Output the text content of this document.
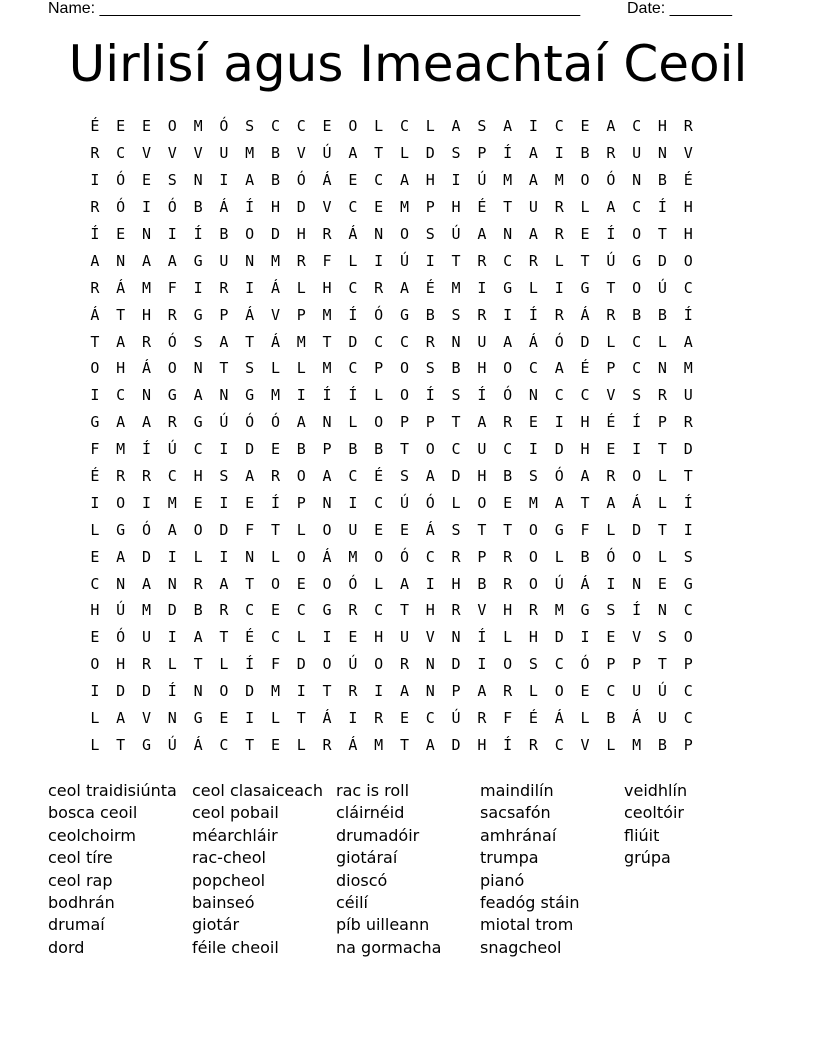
Name: ______________________________________________________	Date: _______
Uirlisí agus Imeachtaí Ceoil
É	E	E	O	M	Ó	S	C	C	E	O	L	C	L	A	S	A	I	C	E	A	C	H	R
R	C	V	V	V	U	M	B	V	Ú	A	T	L	D	S	P	Í	A	I	B	R	U	N	V
I	Ó	E	S	N	I	A	B	Ó	Á	E	C	A	H	I	Ú	M	A	M	O	Ó	N	B	É
R	Ó	I	Ó	B	Á	Í	H	D	V	C	E	M	P	H	É	T	U	R	L	A	C	Í	H
Í	E	N	I	Í	B	O	D	H	R	Á	N	O	S	Ú	A	N	A	R	E	Í	O	T	H
A	N	A	A	G	U	N	M	R	F	L	I	Ú	I	T	R	C	R	L	T	Ú	G	D	O
R	Á	M	F	I	R	I	Á	L	H	C	R	A	É	M	I	G	L	I	G	T	O	Ú	C
Á	T	H	R	G	P	Á	V	P	M	Í	Ó	G	B	S	R	I	Í	R	Á	R	B	B	Í
T	A	R	Ó	S	A	T	Á	M	T	D	C	C	R	N	U	A	Á	Ó	D	L	C	L	A
O	H	Á	O	N	T	S	L	L	M	C	P	O	S	B	H	O	C	A	É	P	C	N	M
I	C	N	G	A	N	G	M	I	Í	Í	L	O	Í	S	Í	Ó	N	C	C	V	S	R	U
G	A	A	R	G	Ú	Ó	Ó	A	N	L	O	P	P	T	A	R	E	I	H	É	Í	P	R
F	M	Í	Ú	C	I	D	E	B	P	B	B	T	O	C	U	C	I	D	H	E	I	T	D
É	R	R	C	H	S	A	R	O	A	C	É	S	A	D	H	B	S	Ó	A	R	O	L	T
I	O	I	M	E	I	E	Í	P	N	I	C	Ú	Ó	L	O	E	M	A	T	A	Á	L	Í
L	G	Ó	A	O	D	F	T	L	O	U	E	E	Á	S	T	T	O	G	F	L	D	T	I
E	A	D	I	L	I	N	L	O	Á	M	O	Ó	C	R	P	R	O	L	B	Ó	O	L	S
C	N	A	N	R	A	T	O	E	O	Ó	L	A	I	H	B	R	O	Ú	Á	I	N	E	G
H	Ú	M	D	B	R	C	E	C	G	R	C	T	H	R	V	H	R	M	G	S	Í	N	C
E	Ó	U	I	A	T	É	C	L	I	E	H	U	V	N	Í	L	H	D	I	E	V	S	O
O	H	R	L	T	L	Í	F	D	O	Ú	O	R	N	D	I	O	S	C	Ó	P	P	T	P
I	D	D	Í	N	O	D	M	I	T	R	I	A	N	P	A	R	L	O	E	C	U	Ú	C
L	A	V	N	G	E	I	L	T	Á	I	R	E	C	Ú	R	F	É	Á	L	B	Á	U	C
L	T	G	Ú	Á	C	T	E	L	R	Á	M	T	A	D	H	Í	R	C	V	L	M	B	P
ceol traidisiúnta
bosca ceoil
ceolchoirm
ceol tíre
ceol rap
bodhrán
drumaí
dord
ceol clasaiceach
ceol pobail
méarchláir
rac-cheol
popcheol
bainseó
giotár
féile cheoil
rac is roll
cláirnéid
drumadóir
giotáraí
dioscó
céilí
píb uilleann
na gormacha
maindilín
sacsafón
amhránaí
trumpa
pianó
feadóg stáin
miotal trom
snagcheol
veidhlín
ceoltóir
fliúit
grúpa
